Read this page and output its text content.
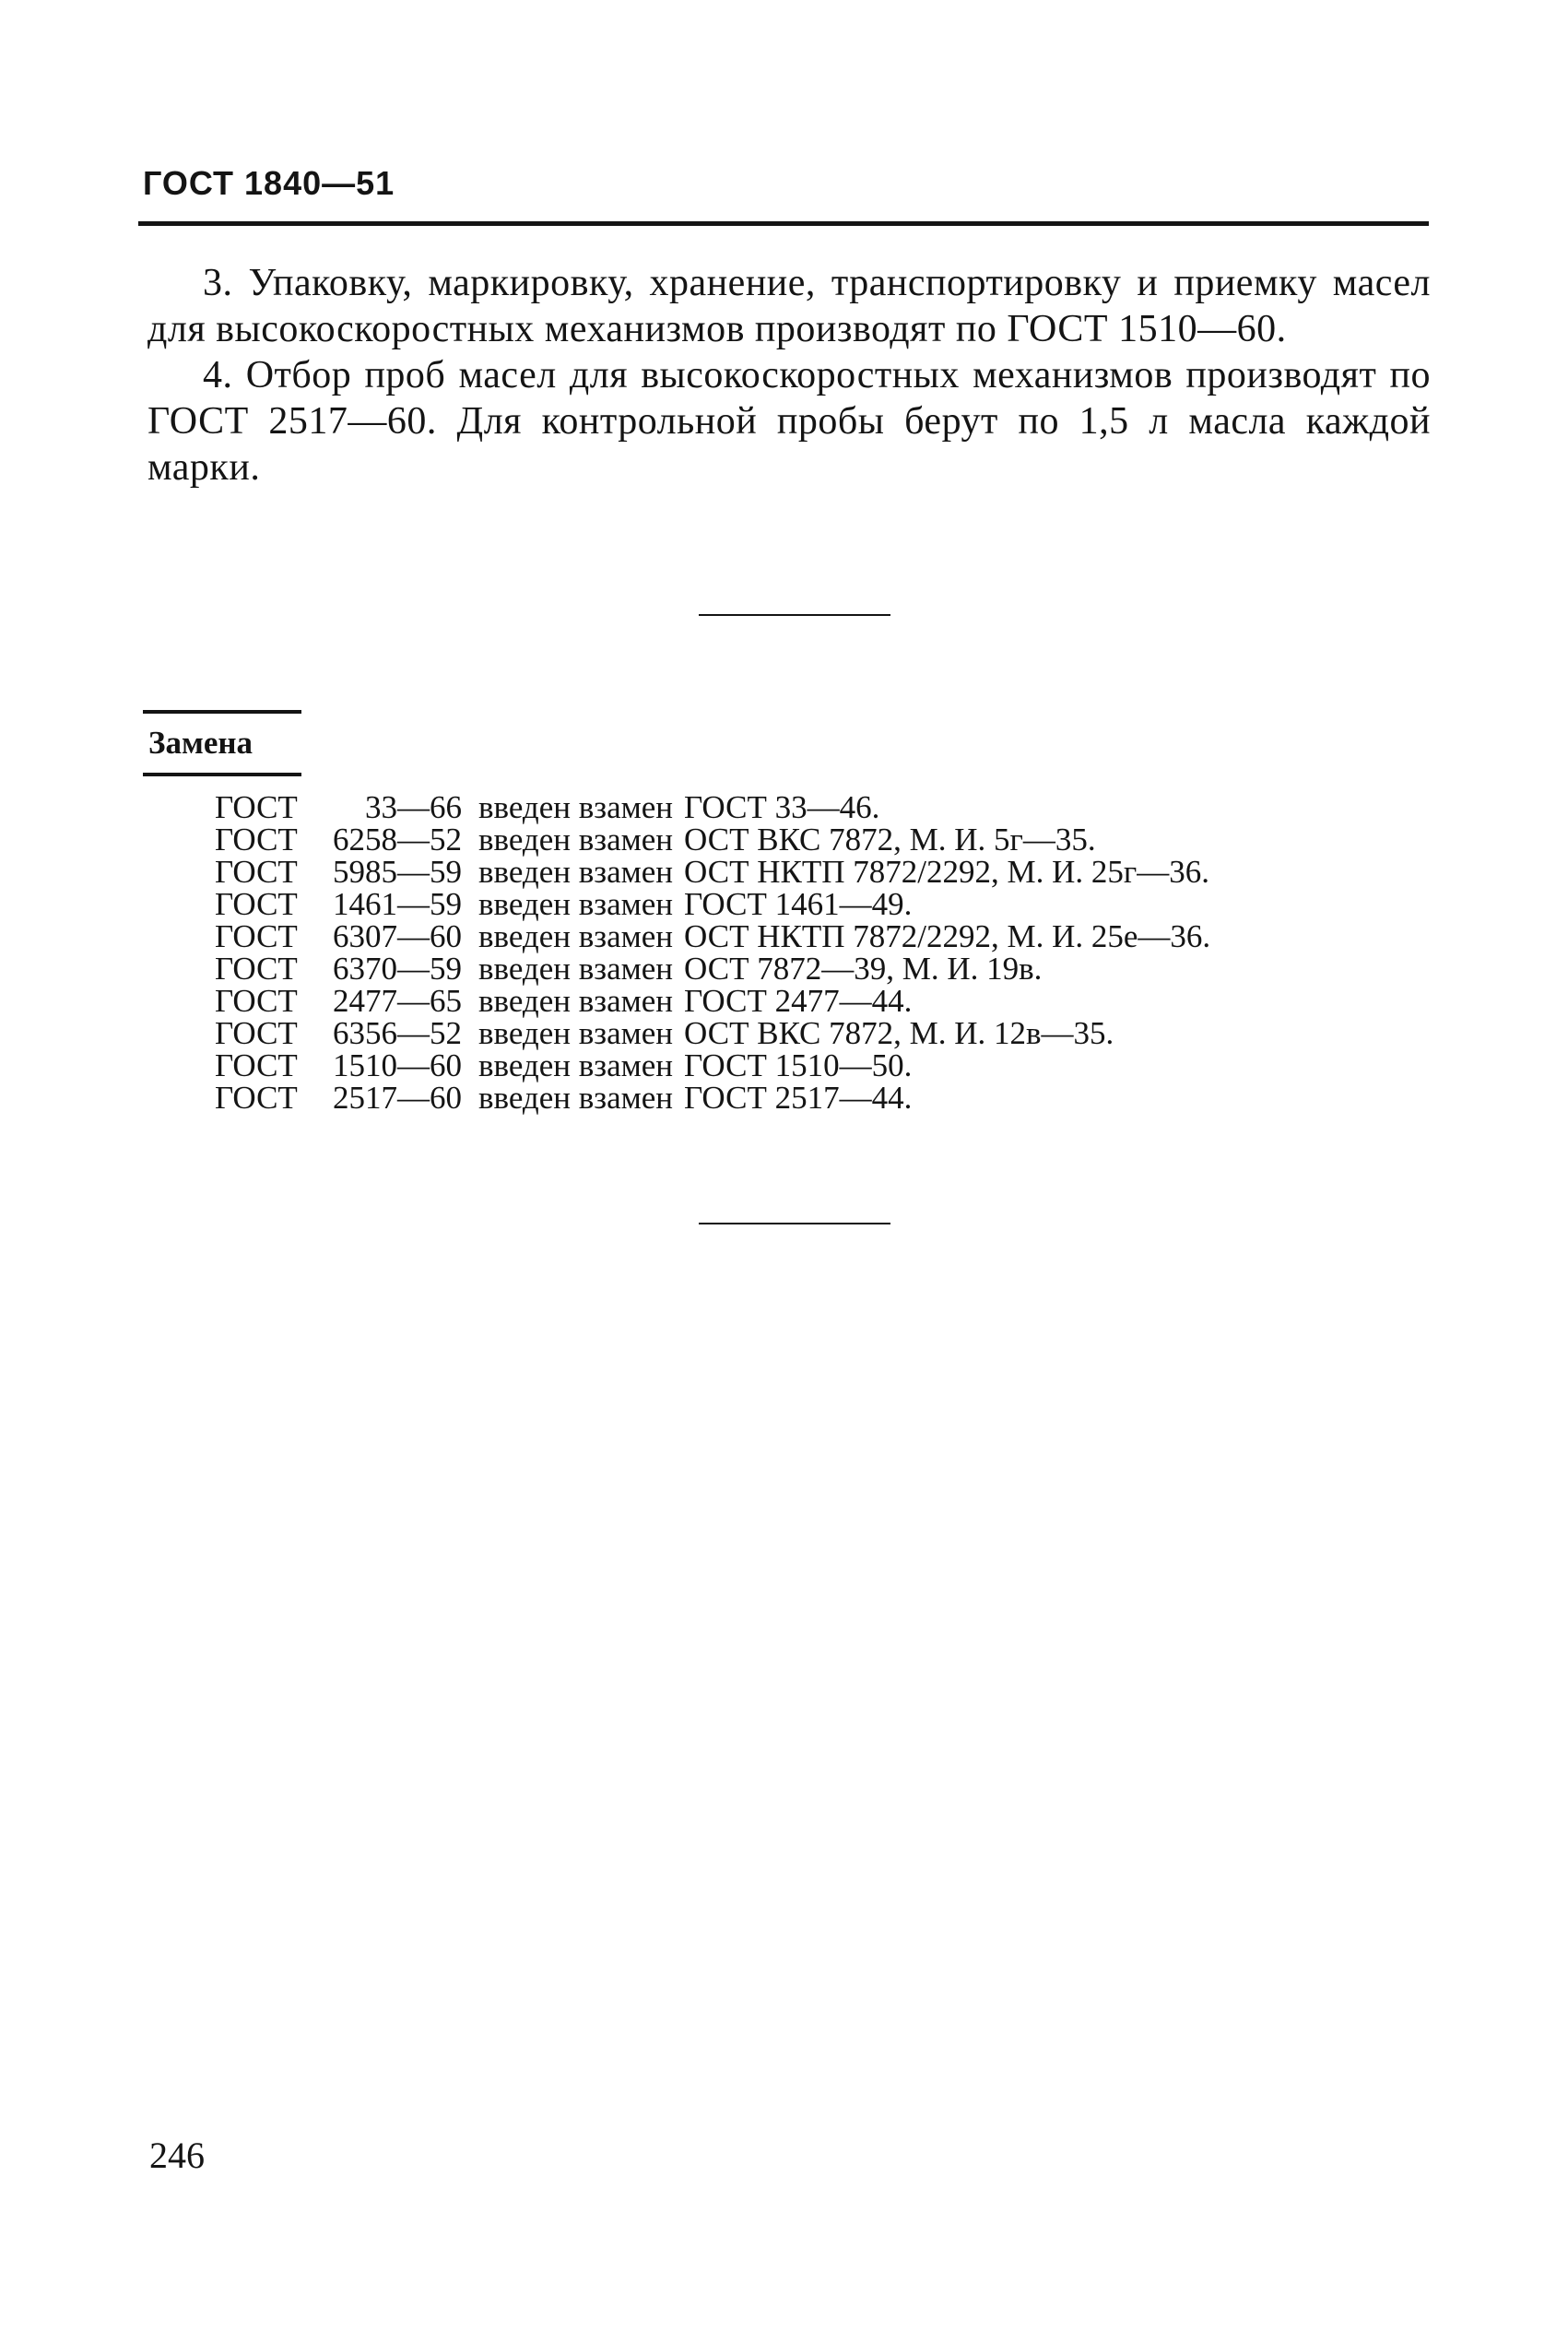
ГОСТ 1840—51

3. Упаковку, маркировку, хранение, транспортировку и приемку масел для высокоскоростных механизмов производят по ГОСТ 1510—60.

4. Отбор проб масел для высокоскоростных механизмов производят по ГОСТ 2517—60. Для контрольной пробы берут по 1,5 л масла каждой марки.

Замена
ГОСТ	33—66 введен взамен ГОСТ 33—46.
ГОСТ	6258—52 введен взамен ОСТ ВКС 7872, М. И. 5г—35.
ГОСТ	5985—59 введен взамен ОСТ НКТП 7872/2292, М. И. 25г—36.
ГОСТ	1461—59 введен взамен ГОСТ 1461—49.
ГОСТ	6307—60 введен взамен ОСТ НКТП 7872/2292, М. И. 25е—36.
ГОСТ	6370—59 введен взамен ОСТ 7872—39, М. И. 19в.
ГОСТ	2477—65 введен взамен ГОСТ 2477—44.
ГОСТ	6356—52 введен взамен ОСТ ВКС 7872, М. И. 12в—35.
ГОСТ	1510—60 введен взамен ГОСТ 1510—50.
ГОСТ	2517—60 введен взамен ГОСТ 2517—44.
246
